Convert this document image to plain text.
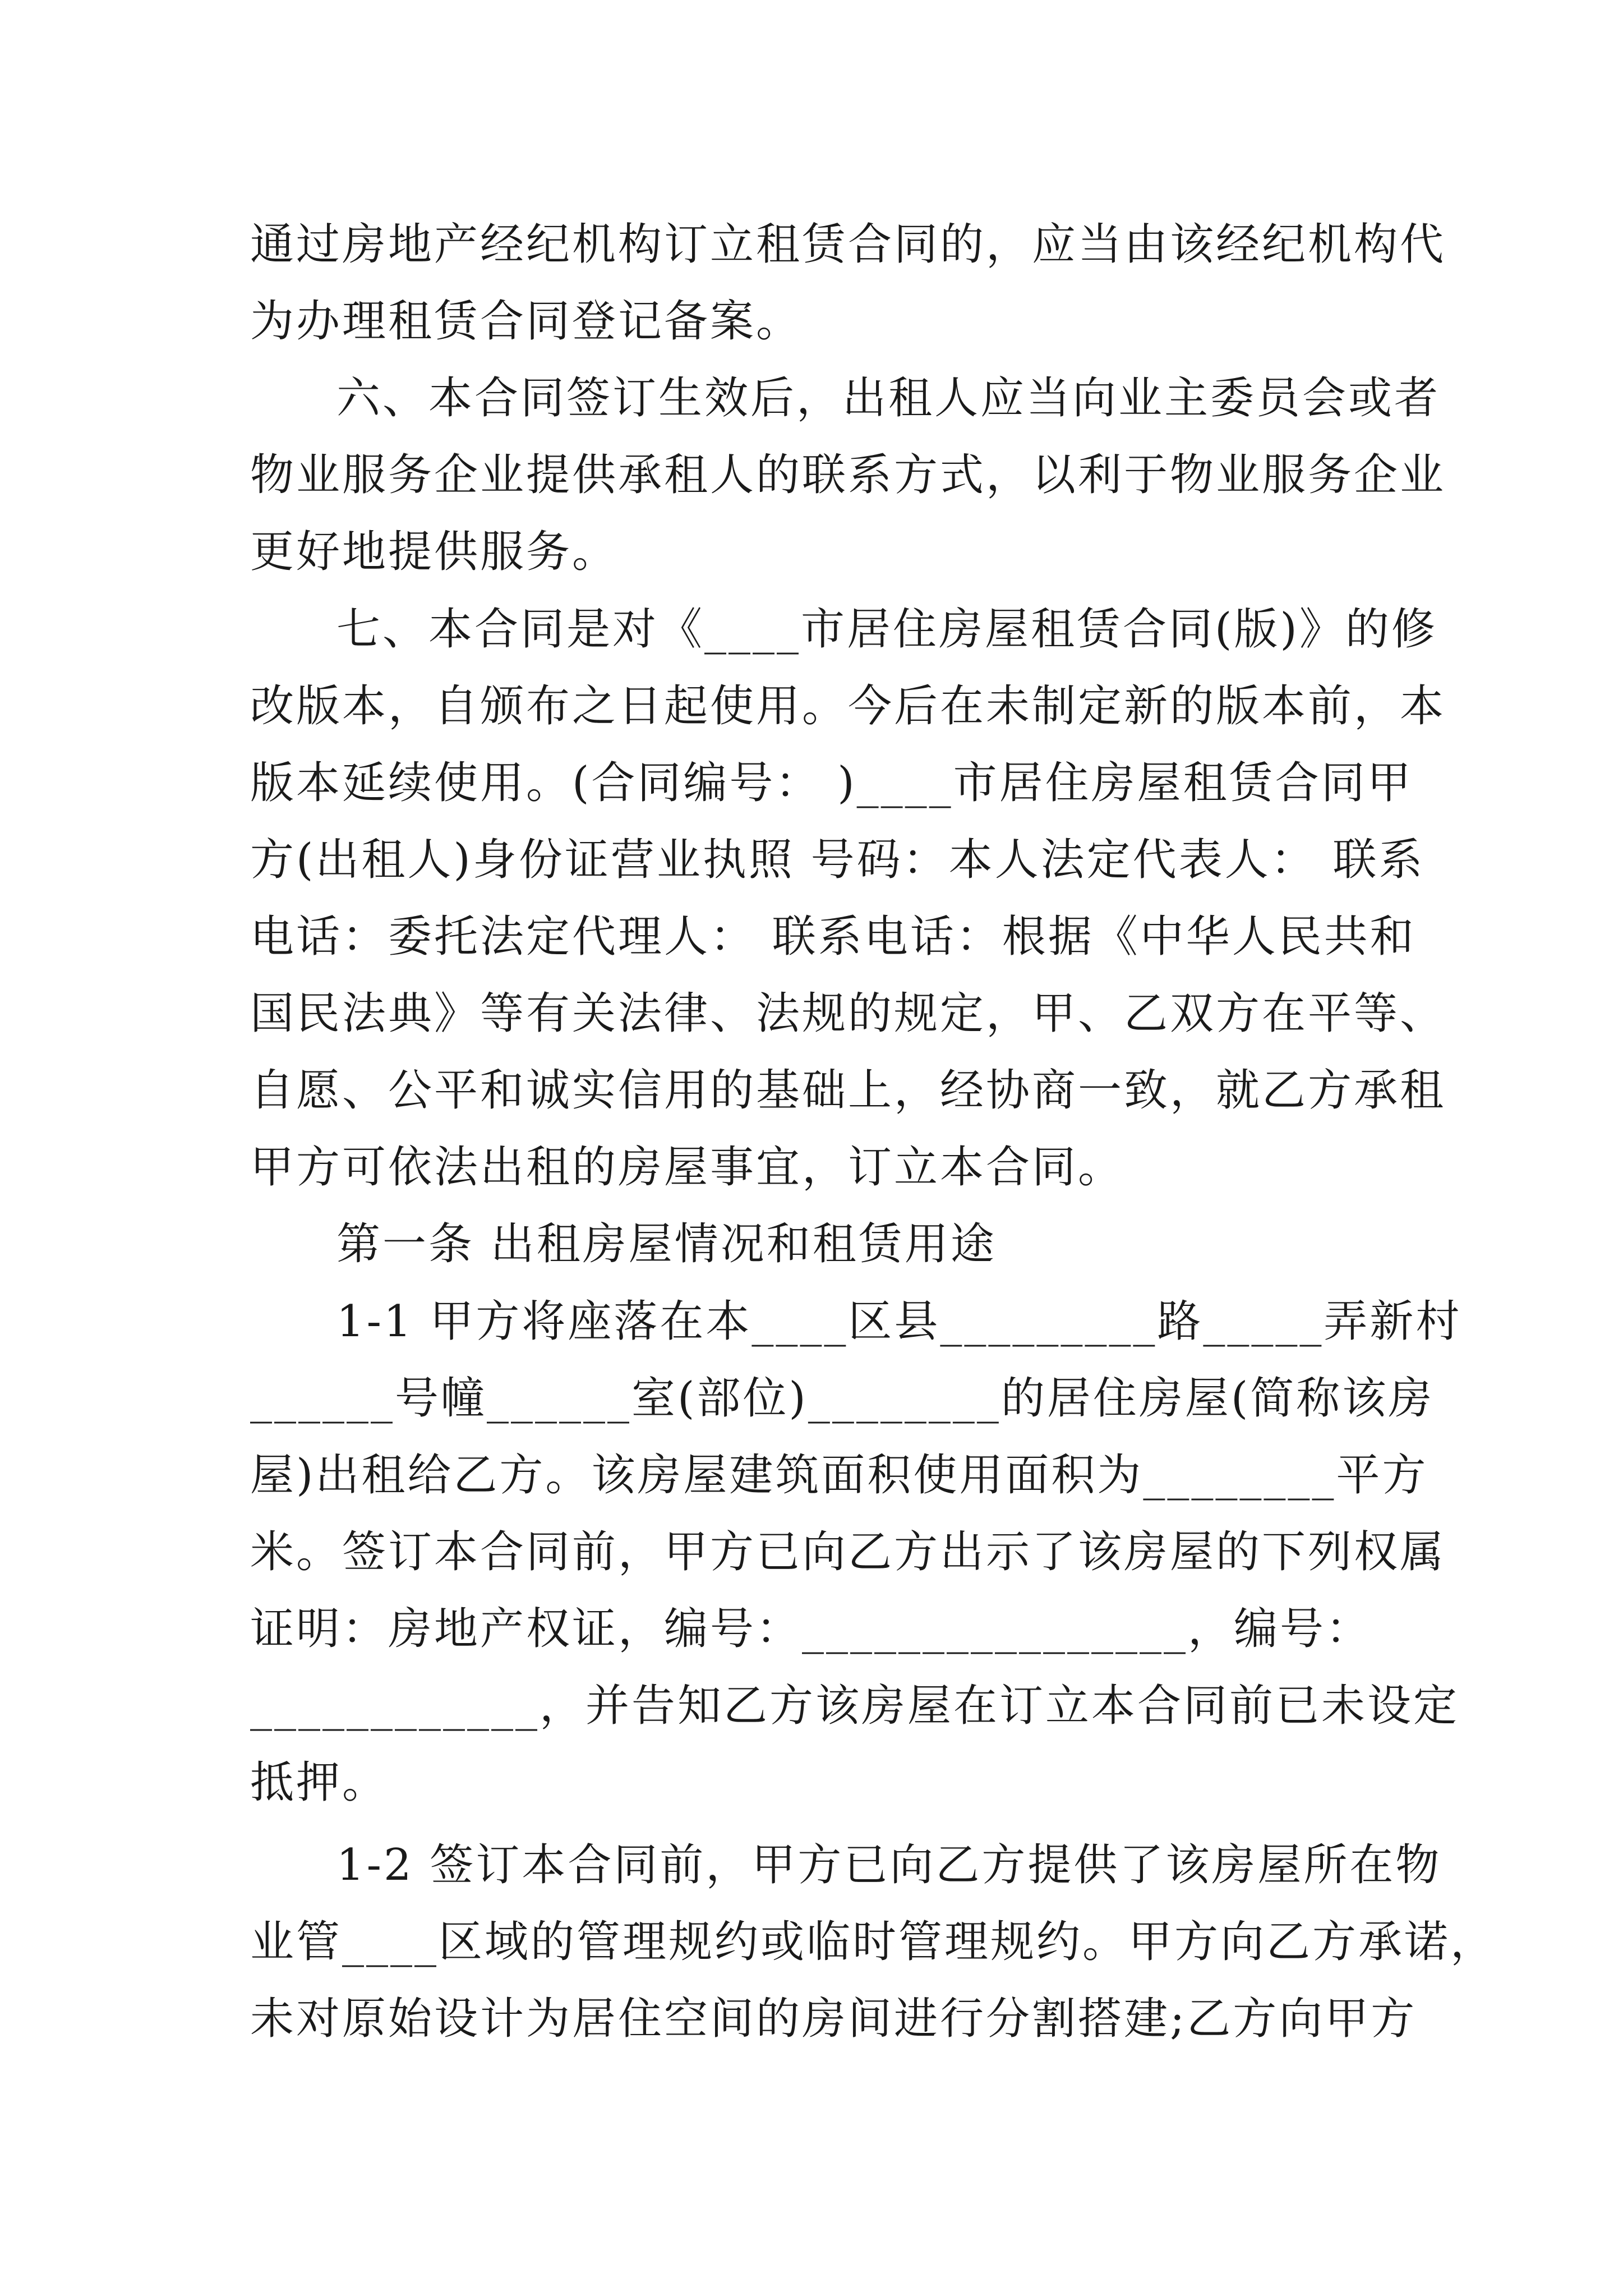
通过房地产经纪机构订立租赁合同的，应当由该经纪机构代
为办理租赁合同登记备案。
六、本合同签订生效后，出租人应当向业主委员会或者
物业服务企业提供承租人的联系方式，以利于物业服务企业
更好地提供服务。
七、本合同是对《____市居住房屋租赁合同(版)》的修
改版本，自颁布之日起使用。今后在未制定新的版本前，本
版本延续使用。(合同编号： )____市居住房屋租赁合同甲
方(出租人)身份证营业执照 号码：本人法定代表人： 联系
电话：委托法定代理人： 联系电话：根据《中华人民共和
国民法典》等有关法律、法规的规定，甲、乙双方在平等、
自愿、公平和诚实信用的基础上，经协商一致，就乙方承租
甲方可依法出租的房屋事宜，订立本合同。
第一条 出租房屋情况和租赁用途
1-1 甲方将座落在本____区县_________路_____弄新村
______号幢______室(部位)________的居住房屋(简称该房
屋)出租给乙方。该房屋建筑面积使用面积为________平方
米。签订本合同前，甲方已向乙方出示了该房屋的下列权属
证明：房地产权证，编号：________________，编号：
____________，并告知乙方该房屋在订立本合同前已未设定
抵押。
1-2 签订本合同前，甲方已向乙方提供了该房屋所在物
业管____区域的管理规约或临时管理规约。甲方向乙方承诺，
未对原始设计为居住空间的房间进行分割搭建;乙方向甲方
